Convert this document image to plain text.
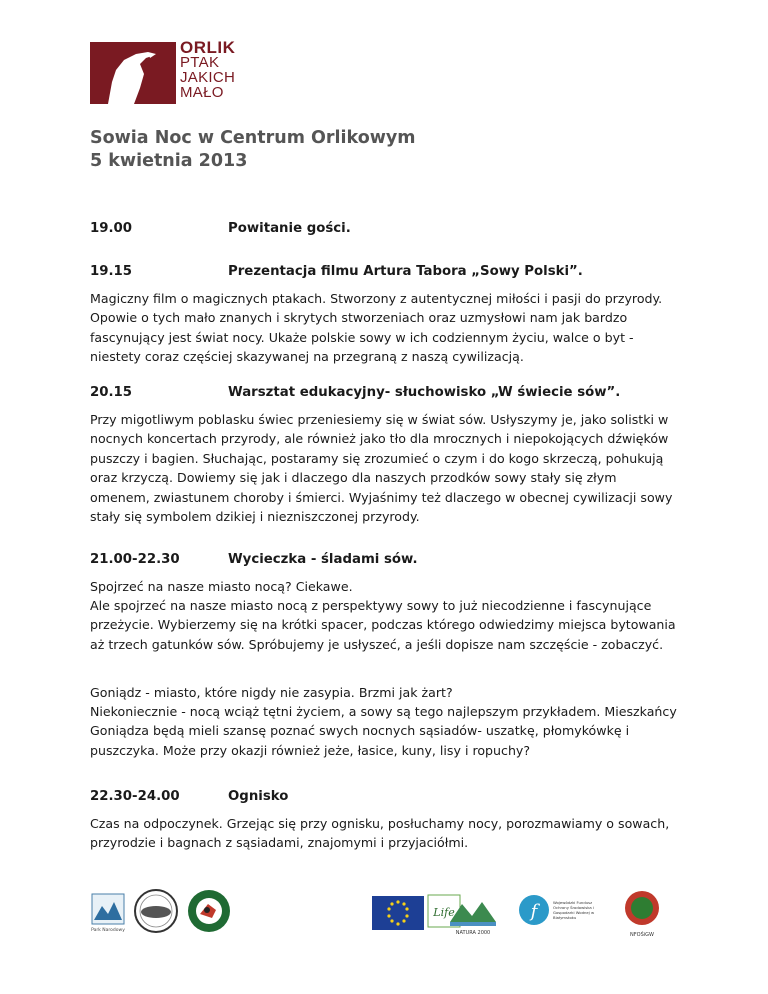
ORLIK
PTAK
JAKICH
MAŁO
Sowia Noc w Centrum Orlikowym
5 kwietnia 2013
19.00	Powitanie gości.
19.15	Prezentacja filmu Artura Tabora „Sowy Polski”.

Magiczny film o magicznych ptakach. Stworzony z autentycznej miłości i pasji do przyrody. Opowie o tych mało znanych i skrytych stworzeniach oraz uzmysłowi nam jak bardzo fascynujący jest świat nocy. Ukaże polskie sowy w ich codziennym życiu, walce o byt - niestety coraz częściej skazywanej na przegraną z naszą cywilizacją.

20.15	Warsztat edukacyjny- słuchowisko „W świecie sów”.

Przy migotliwym poblasku świec przeniesiemy się w świat sów. Usłyszymy je, jako solistki w nocnych koncertach przyrody, ale również jako tło dla mrocznych i niepokojących dźwięków puszczy i bagien. Słuchając, postaramy się zrozumieć o czym i do kogo skrzeczą, pohukują oraz krzyczą. Dowiemy się jak i dlaczego dla naszych przodków sowy stały się złym omenem, zwiastunem choroby i śmierci. Wyjaśnimy też dlaczego w obecnej cywilizacji sowy stały się symbolem dzikiej i niezniszczonej przyrody.

21.00-22.30	Wycieczka - śladami sów.

Spojrzeć na nasze miasto nocą? Ciekawe.

Ale spojrzeć na nasze miasto nocą z perspektywy sowy to już niecodzienne i fascynujące przeżycie. Wybierzemy się na krótki spacer, podczas którego odwiedzimy miejsca bytowania aż trzech gatunków sów. Spróbujemy je usłyszeć, a jeśli dopisze nam szczęście - zobaczyć.

Goniądz - miasto, które nigdy nie zasypia. Brzmi jak żart?

Niekoniecznie - nocą wciąż tętni życiem, a sowy są tego najlepszym przykładem. Mieszkańcy Goniądza będą mieli szansę poznać swych nocnych sąsiadów- uszatkę, płomykówkę i puszczyka. Może przy okazji również jeże, łasice, kuny, lisy i ropuchy?

22.30-24.00	Ognisko

Czas na odpoczynek. Grzejąc się przy ognisku, posłuchamy nocy, porozmawiamy o sowach, przyrodzie i bagnach z sąsiadami, znajomymi i przyjaciółmi.

Park Narodowy
Life
NATURA 2000
f	Wojewódzki Fundusz Ochrony Środowiska i Gospodarki Wodnej w Białymstoku
NFOŚiGW
